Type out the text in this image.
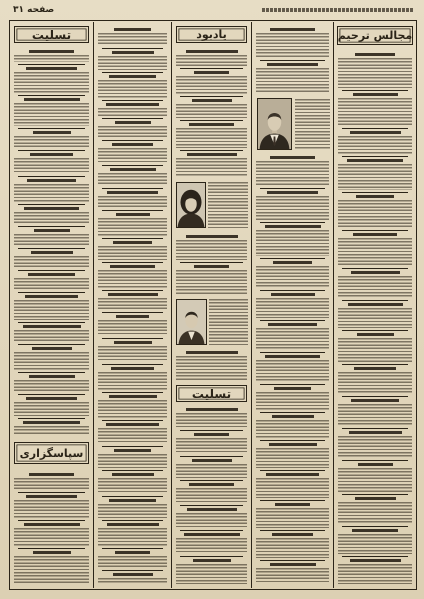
صفحه ۳۱
تسلیت	یادبود	مجالس ترحیم
تسلیت
سپاسگزاری
